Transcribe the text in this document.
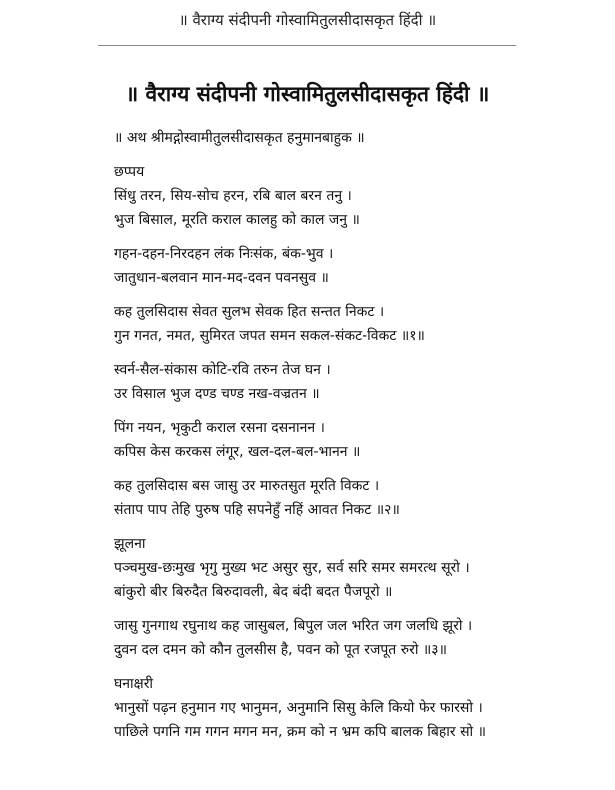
॥ वैराग्य संदीपनी गोस्वामितुलसीदासकृत हिंदी ॥
॥ वैराग्य संदीपनी गोस्वामितुलसीदासकृत हिंदी ॥
॥ अथ श्रीमद्गोस्वामीतुलसीदासकृत हनुमानबाहुक ॥
छप्पय
सिंधु तरन, सिय-सोच हरन, रबि बाल बरन तनु ।
भुज बिसाल, मूरति कराल कालहु को काल जनु ॥
गहन-दहन-निरदहन लंक निःसंक, बंक-भुव ।
जातुधान-बलवान मान-मद-दवन पवनसुव ॥
कह तुलसिदास सेवत सुलभ सेवक हित सन्तत निकट ।
गुन गनत, नमत, सुमिरत जपत समन सकल-संकट-विकट ॥१॥
स्वर्न-सैल-संकास कोटि-रवि तरुन तेज घन ।
उर विसाल भुज दण्ड चण्ड नख-वज्रतन ॥
पिंग नयन, भृकुटी कराल रसना दसनानन ।
कपिस केस करकस लंगूर, खल-दल-बल-भानन ॥
कह तुलसिदास बस जासु उर मारुतसुत मूरति विकट ।
संताप पाप तेहि पुरुष पहि सपनेहुँ नहिं आवत निकट ॥२॥
झूलना
पञ्चमुख-छःमुख भृगु मुख्य भट असुर सुर, सर्व सरि समर समरत्थ सूरो ।
बांकुरो बीर बिरुदैत बिरुदावली, बेद बंदी बदत पैजपूरो ॥
जासु गुनगाथ रघुनाथ कह जासुबल, बिपुल जल भरित जग जलधि झूरो ।
दुवन दल दमन को कौन तुलसीस है, पवन को पूत रजपूत रुरो ॥३॥
घनाक्षरी
भानुसों पढ़न हनुमान गए भानुमन, अनुमानि सिसु केलि कियो फेर फारसो ।
पाछिले पगनि गम गगन मगन मन, क्रम को न भ्रम कपि बालक बिहार सो ॥
